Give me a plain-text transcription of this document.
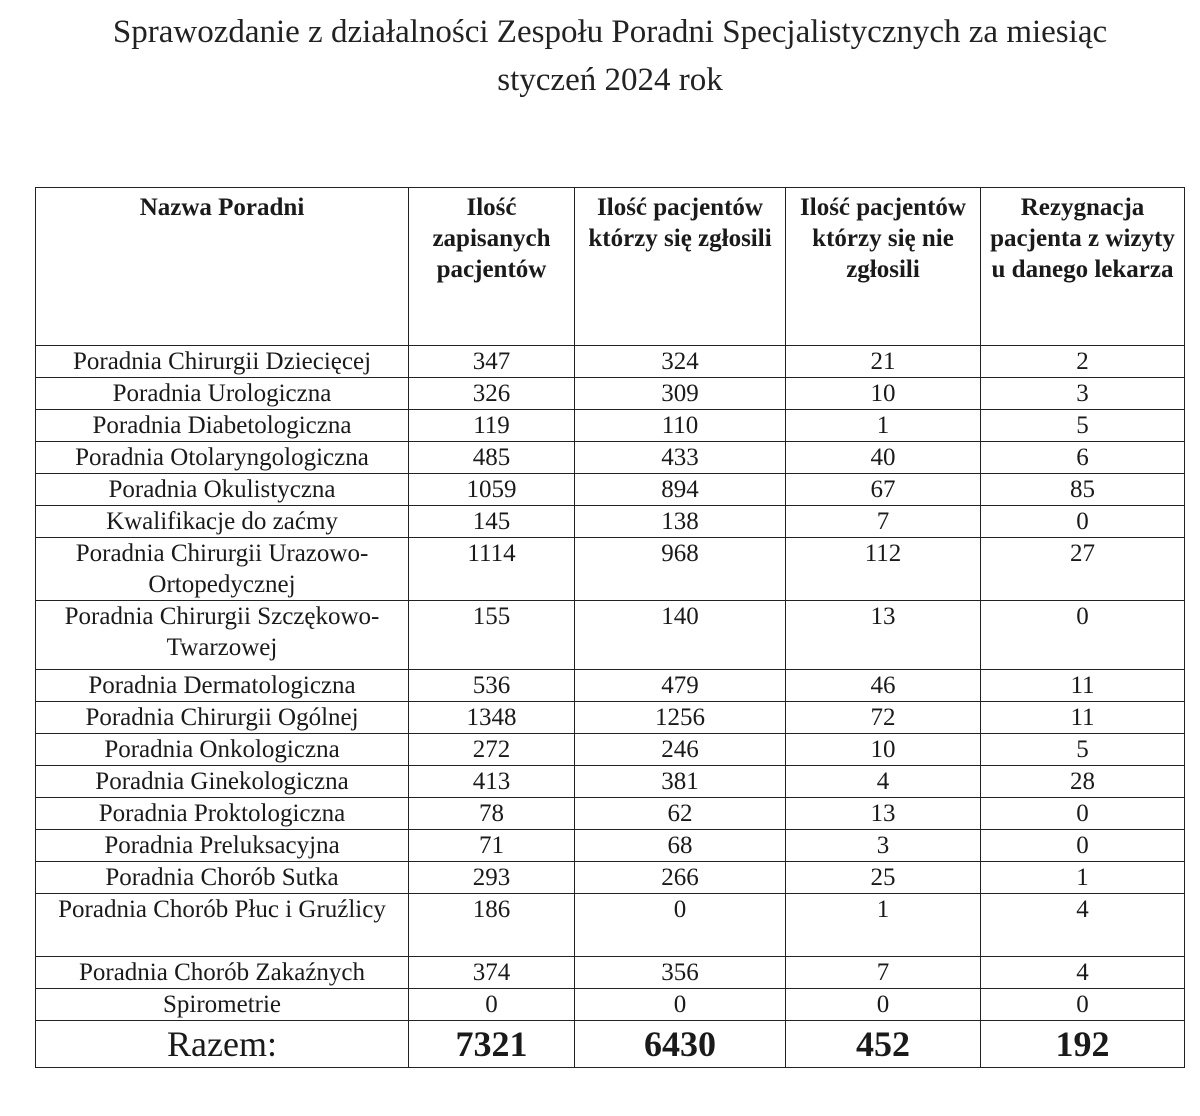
Sprawozdanie z działalności Zespołu Poradni Specjalistycznych za miesiąc
styczeń 2024 rok
Nazwa Poradni	Ilość zapisanych pacjentów	Ilość pacjentów którzy się zgłosili	Ilość pacjentów którzy się nie zgłosili	Rezygnacja pacjenta z wizyty u danego lekarza
Poradnia Chirurgii Dziecięcej	347	324	21	2
Poradnia Urologiczna	326	309	10	3
Poradnia Diabetologiczna	119	110	1	5
Poradnia Otolaryngologiczna	485	433	40	6
Poradnia Okulistyczna	1059	894	67	85
Kwalifikacje do zaćmy	145	138	7	0
Poradnia Chirurgii Urazowo-Ortopedycznej	1114	968	112	27
Poradnia Chirurgii Szczękowo- Twarzowej	155	140	13	0
Poradnia Dermatologiczna	536	479	46	11
Poradnia Chirurgii Ogólnej	1348	1256	72	11
Poradnia Onkologiczna	272	246	10	5
Poradnia Ginekologiczna	413	381	4	28
Poradnia Proktologiczna	78	62	13	0
Poradnia Preluksacyjna	71	68	3	0
Poradnia Chorób Sutka	293	266	25	1
Poradnia Chorób Płuc i Gruźlicy	186	0	1	4
Poradnia Chorób Zakaźnych	374	356	7	4
Spirometrie	0	0	0	0
Razem:	7321	6430	452	192
